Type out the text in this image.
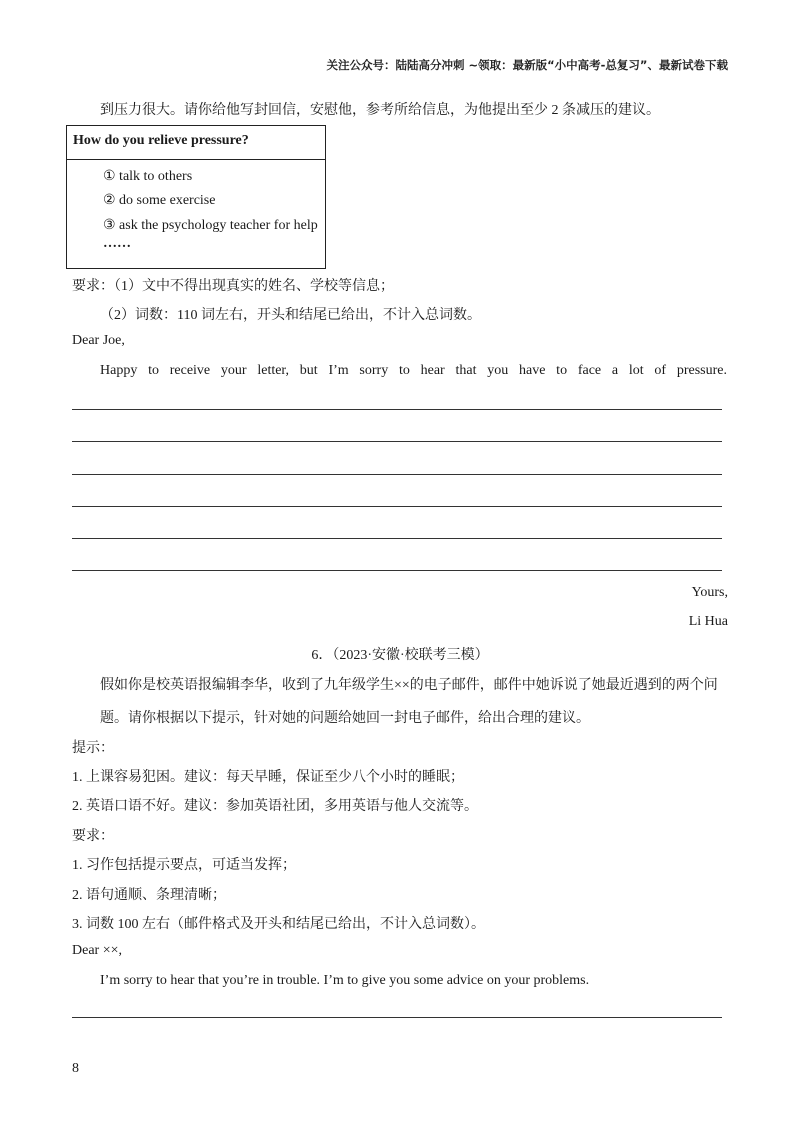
关注公众号：陆陆高分冲刺 ~领取：最新版“小中高考-总复习”、最新试卷下载
到压力很大。请你给他写封回信，安慰他，参考所给信息，为他提出至少 2 条减压的建议。
How do you relieve pressure?
① talk to others
② do some exercise
③ ask the psychology teacher for help
……
要求：（1）文中不得出现真实的姓名、学校等信息；
（2）词数：110 词左右，开头和结尾已给出，不计入总词数。
Dear Joe,
Happy to receive your letter, but I’m sorry to hear that you have to face a lot of pressure.
Yours,
Li Hua
6．（2023·安徽·校联考三模）
假如你是校英语报编辑李华，收到了九年级学生××的电子邮件，邮件中她诉说了她最近遇到的两个问
题。请你根据以下提示，针对她的问题给她回一封电子邮件，给出合理的建议。
提示：
1. 上课容易犯困。建议：每天早睡，保证至少八个小时的睡眠；
2. 英语口语不好。建议：参加英语社团，多用英语与他人交流等。
要求：
1. 习作包括提示要点，可适当发挥；
2. 语句通顺、条理清晰；
3. 词数 100 左右（邮件格式及开头和结尾已给出，不计入总词数）。
Dear ××,
I’m sorry to hear that you’re in trouble. I’m to give you some advice on your problems.
8
